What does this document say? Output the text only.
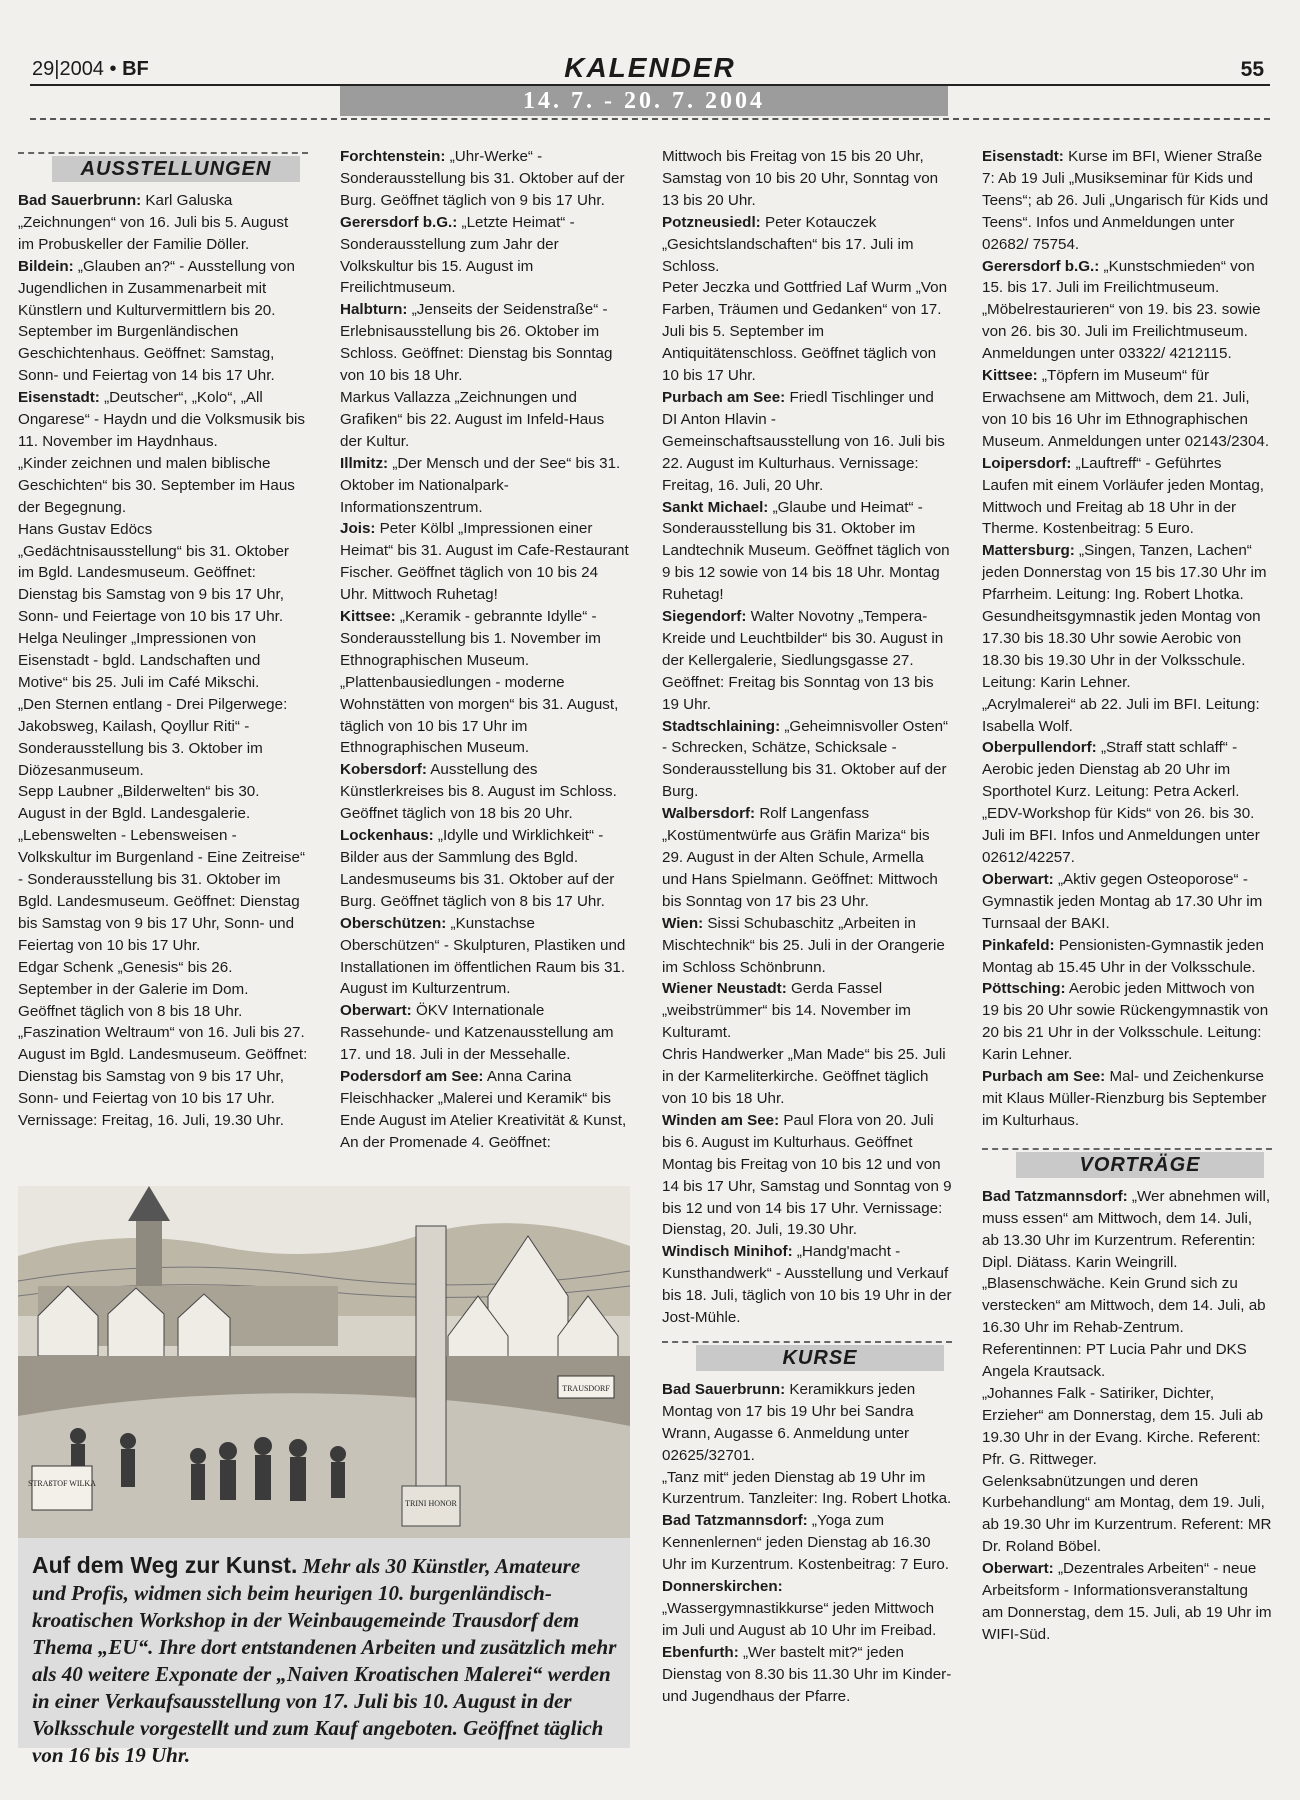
29|2004 • BF	KALENDER	55
14. 7. - 20. 7. 2004
AUSSTELLUNGEN

Bad Sauerbrunn: Karl Galuska „Zeichnungen“ von 16. Juli bis 5. August im Probuskeller der Familie Döller.

Bildein: „Glauben an?“ - Ausstellung von Jugendlichen in Zusammenarbeit mit Künstlern und Kulturvermittlern bis 20. September im Burgenländischen Geschichtenhaus. Geöffnet: Samstag, Sonn- und Feiertag von 14 bis 17 Uhr.

Eisenstadt: „Deutscher“, „Kolo“, „All Ongarese“ - Haydn und die Volksmusik bis 11. November im Haydnhaus.

„Kinder zeichnen und malen biblische Geschichten“ bis 30. September im Haus der Begegnung.

Hans Gustav Edöcs „Gedächtnisausstellung“ bis 31. Oktober im Bgld. Landesmuseum. Geöffnet: Dienstag bis Samstag von 9 bis 17 Uhr, Sonn- und Feiertage von 10 bis 17 Uhr.

Helga Neulinger „Impressionen von Eisenstadt - bgld. Landschaften und Motive“ bis 25. Juli im Café Mikschi.

„Den Sternen entlang - Drei Pilgerwege: Jakobsweg, Kailash, Qoyllur Riti“ - Sonderausstellung bis 3. Oktober im Diözesanmuseum.

Sepp Laubner „Bilderwelten“ bis 30. August in der Bgld. Landesgalerie.

„Lebenswelten - Lebensweisen - Volkskultur im Burgenland - Eine Zeitreise“ - Sonderausstellung bis 31. Oktober im Bgld. Landesmuseum. Geöffnet: Dienstag bis Samstag von 9 bis 17 Uhr, Sonn- und Feiertag von 10 bis 17 Uhr.

Edgar Schenk „Genesis“ bis 26. September in der Galerie im Dom. Geöffnet täglich von 8 bis 18 Uhr.

„Faszination Weltraum“ von 16. Juli bis 27. August im Bgld. Landesmuseum. Geöffnet: Dienstag bis Samstag von 9 bis 17 Uhr, Sonn- und Feiertag von 10 bis 17 Uhr. Vernissage: Freitag, 16. Juli, 19.30 Uhr.

Forchtenstein: „Uhr-Werke“ - Sonderausstellung bis 31. Oktober auf der Burg. Geöffnet täglich von 9 bis 17 Uhr.

Gerersdorf b.G.: „Letzte Heimat“ - Sonderausstellung zum Jahr der Volkskultur bis 15. August im Freilichtmuseum.

Halbturn: „Jenseits der Seidenstraße“ - Erlebnisausstellung bis 26. Oktober im Schloss. Geöffnet: Dienstag bis Sonntag von 10 bis 18 Uhr.

Markus Vallazza „Zeichnungen und Grafiken“ bis 22. August im Infeld-Haus der Kultur.

Illmitz: „Der Mensch und der See“ bis 31. Oktober im Nationalpark-Informationszentrum.

Jois: Peter Kölbl „Impressionen einer Heimat“ bis 31. August im Cafe-Restaurant Fischer. Geöffnet täglich von 10 bis 24 Uhr. Mittwoch Ruhetag!

Kittsee: „Keramik - gebrannte Idylle“ - Sonderausstellung bis 1. November im Ethnographischen Museum.

„Plattenbausiedlungen - moderne Wohnstätten von morgen“ bis 31. August, täglich von 10 bis 17 Uhr im Ethnographischen Museum.

Kobersdorf: Ausstellung des Künstlerkreises bis 8. August im Schloss. Geöffnet täglich von 18 bis 20 Uhr.

Lockenhaus: „Idylle und Wirklichkeit“ - Bilder aus der Sammlung des Bgld. Landesmuseums bis 31. Oktober auf der Burg. Geöffnet täglich von 8 bis 17 Uhr.

Oberschützen: „Kunstachse Oberschützen“ - Skulpturen, Plastiken und Installationen im öffentlichen Raum bis 31. August im Kulturzentrum.

Oberwart: ÖKV Internationale Rassehunde- und Katzenausstellung am 17. und 18. Juli in der Messehalle.

Podersdorf am See: Anna Carina Fleischhacker „Malerei und Keramik“ bis Ende August im Atelier Kreativität & Kunst, An der Promenade 4. Geöffnet:

Mittwoch bis Freitag von 15 bis 20 Uhr, Samstag von 10 bis 20 Uhr, Sonntag von 13 bis 20 Uhr.

Potzneusiedl: Peter Kotauczek „Gesichtslandschaften“ bis 17. Juli im Schloss.

Peter Jeczka und Gottfried Laf Wurm „Von Farben, Träumen und Gedanken“ von 17. Juli bis 5. September im Antiquitätenschloss. Geöffnet täglich von 10 bis 17 Uhr.

Purbach am See: Friedl Tischlinger und DI Anton Hlavin - Gemeinschaftsausstellung von 16. Juli bis 22. August im Kulturhaus. Vernissage: Freitag, 16. Juli, 20 Uhr.

Sankt Michael: „Glaube und Heimat“ - Sonderausstellung bis 31. Oktober im Landtechnik Museum. Geöffnet täglich von 9 bis 12 sowie von 14 bis 18 Uhr. Montag Ruhetag!

Siegendorf: Walter Novotny „Tempera-Kreide und Leuchtbilder“ bis 30. August in der Kellergalerie, Siedlungsgasse 27. Geöffnet: Freitag bis Sonntag von 13 bis 19 Uhr.

Stadtschlaining: „Geheimnisvoller Osten“ - Schrecken, Schätze, Schicksale - Sonderausstellung bis 31. Oktober auf der Burg.

Walbersdorf: Rolf Langenfass „Kostümentwürfe aus Gräfin Mariza“ bis 29. August in der Alten Schule, Armella und Hans Spielmann. Geöffnet: Mittwoch bis Sonntag von 17 bis 23 Uhr.

Wien: Sissi Schubaschitz „Arbeiten in Mischtechnik“ bis 25. Juli in der Orangerie im Schloss Schönbrunn.

Wiener Neustadt: Gerda Fassel „weibstrümmer“ bis 14. November im Kulturamt.

Chris Handwerker „Man Made“ bis 25. Juli in der Karmeliterkirche. Geöffnet täglich von 10 bis 18 Uhr.

Winden am See: Paul Flora von 20. Juli bis 6. August im Kulturhaus. Geöffnet Montag bis Freitag von 10 bis 12 und von 14 bis 17 Uhr, Samstag und Sonntag von 9 bis 12 und von 14 bis 17 Uhr. Vernissage: Dienstag, 20. Juli, 19.30 Uhr.

Windisch Minihof: „Handg'macht - Kunsthandwerk“ - Ausstellung und Verkauf bis 18. Juli, täglich von 10 bis 19 Uhr in der Jost-Mühle.

KURSE

Bad Sauerbrunn: Keramikkurs jeden Montag von 17 bis 19 Uhr bei Sandra Wrann, Augasse 6. Anmeldung unter 02625/32701.

„Tanz mit“ jeden Dienstag ab 19 Uhr im Kurzentrum. Tanzleiter: Ing. Robert Lhotka.

Bad Tatzmannsdorf: „Yoga zum Kennenlernen“ jeden Dienstag ab 16.30 Uhr im Kurzentrum. Kostenbeitrag: 7 Euro.

Donnerskirchen: „Wassergymnastikkurse“ jeden Mittwoch im Juli und August ab 10 Uhr im Freibad.

Ebenfurth: „Wer bastelt mit?“ jeden Dienstag von 8.30 bis 11.30 Uhr im Kinder- und Jugendhaus der Pfarre.

Eisenstadt: Kurse im BFI, Wiener Straße 7: Ab 19 Juli „Musikseminar für Kids und Teens“; ab 26. Juli „Ungarisch für Kids und Teens“. Infos und Anmeldungen unter 02682/ 75754.

Gerersdorf b.G.: „Kunstschmieden“ von 15. bis 17. Juli im Freilichtmuseum. „Möbelrestaurieren“ von 19. bis 23. sowie von 26. bis 30. Juli im Freilichtmuseum. Anmeldungen unter 03322/ 4212115.

Kittsee: „Töpfern im Museum“ für Erwachsene am Mittwoch, dem 21. Juli, von 10 bis 16 Uhr im Ethnographischen Museum. Anmeldungen unter 02143/2304.

Loipersdorf: „Lauftreff“ - Geführtes Laufen mit einem Vorläufer jeden Montag, Mittwoch und Freitag ab 18 Uhr in der Therme. Kostenbeitrag: 5 Euro.

Mattersburg: „Singen, Tanzen, Lachen“ jeden Donnerstag von 15 bis 17.30 Uhr im Pfarrheim. Leitung: Ing. Robert Lhotka.

Gesundheitsgymnastik jeden Montag von 17.30 bis 18.30 Uhr sowie Aerobic von 18.30 bis 19.30 Uhr in der Volksschule. Leitung: Karin Lehner.

„Acrylmalerei“ ab 22. Juli im BFI. Leitung: Isabella Wolf.

Oberpullendorf: „Straff statt schlaff“ - Aerobic jeden Dienstag ab 20 Uhr im Sporthotel Kurz. Leitung: Petra Ackerl. „EDV-Workshop für Kids“ von 26. bis 30. Juli im BFI. Infos und Anmeldungen unter 02612/42257.

Oberwart: „Aktiv gegen Osteoporose“ - Gymnastik jeden Montag ab 17.30 Uhr im Turnsaal der BAKI.

Pinkafeld: Pensionisten-Gymnastik jeden Montag ab 15.45 Uhr in der Volksschule.

Pöttsching: Aerobic jeden Mittwoch von 19 bis 20 Uhr sowie Rückengymnastik von 20 bis 21 Uhr in der Volksschule. Leitung: Karin Lehner.

Purbach am See: Mal- und Zeichenkurse mit Klaus Müller-Rienzburg bis September im Kulturhaus.

VORTRÄGE

Bad Tatzmannsdorf: „Wer abnehmen will, muss essen“ am Mittwoch, dem 14. Juli, ab 13.30 Uhr im Kurzentrum. Referentin: Dipl. Diätass. Karin Weingrill.

„Blasenschwäche. Kein Grund sich zu verstecken“ am Mittwoch, dem 14. Juli, ab 16.30 Uhr im Rehab-Zentrum. Referentinnen: PT Lucia Pahr und DKS Angela Krautsack.

„Johannes Falk - Satiriker, Dichter, Erzieher“ am Donnerstag, dem 15. Juli ab 19.30 Uhr in der Evang. Kirche. Referent: Pfr. G. Rittweger.

Gelenksabnützungen und deren Kurbehandlung“ am Montag, dem 19. Juli, ab 19.30 Uhr im Kurzentrum. Referent: MR Dr. Roland Böbel.

Oberwart: „Dezentrales Arbeiten“ - neue Arbeitsform - Informationsveranstaltung am Donnerstag, dem 15. Juli, ab 19 Uhr im WIFI-Süd.

TRINI HONOR
STRAßTOF WILKA
TRAUSDORF
Auf dem Weg zur Kunst. Mehr als 30 Künstler, Amateure und Profis, widmen sich beim heurigen 10. burgenländisch-kroatischen Workshop in der Weinbaugemeinde Trausdorf dem Thema „EU“. Ihre dort entstandenen Arbeiten und zusätzlich mehr als 40 weitere Exponate der „Naiven Kroatischen Malerei“ werden in einer Verkaufsausstellung von 17. Juli bis 10. August in der Volksschule vorgestellt und zum Kauf angeboten. Geöffnet täglich von 16 bis 19 Uhr.
